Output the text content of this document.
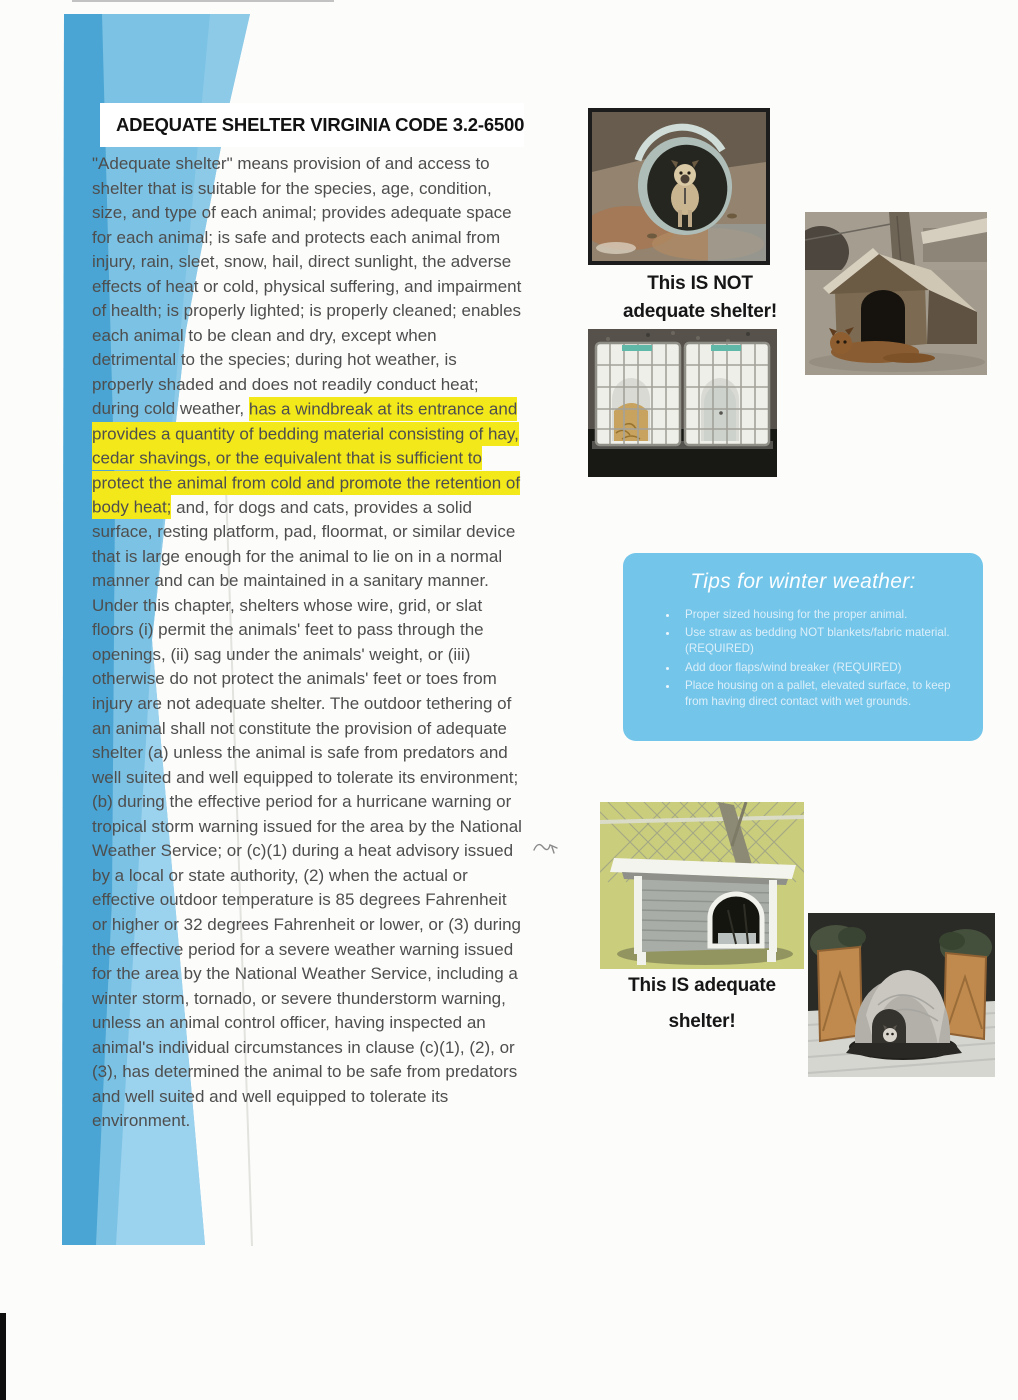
ADEQUATE SHELTER VIRGINIA CODE 3.2-6500
"Adequate shelter" means provision of and access to shelter that is suitable for the species, age, condition, size, and type of each animal; provides adequate space for each animal; is safe and protects each animal from injury, rain, sleet, snow, hail, direct sunlight, the adverse effects of heat or cold, physical suffering, and impairment of health; is properly lighted; is properly cleaned; enables each animal to be clean and dry, except when detrimental to the species; during hot weather, is properly shaded and does not readily conduct heat; during cold weather, has a windbreak at its entrance and provides a quantity of bedding material consisting of hay, cedar shavings, or the equivalent that is sufficient to protect the animal from cold and promote the retention of body heat; and, for dogs and cats, provides a solid surface, resting platform, pad, floormat, or similar device that is large enough for the animal to lie on in a normal manner and can be maintained in a sanitary manner. Under this chapter, shelters whose wire, grid, or slat floors (i) permit the animals' feet to pass through the openings, (ii) sag under the animals' weight, or (iii) otherwise do not protect the animals' feet or toes from injury are not adequate shelter. The outdoor tethering of an animal shall not constitute the provision of adequate shelter (a) unless the animal is safe from predators and well suited and well equipped to tolerate its environment; (b) during the effective period for a hurricane warning or tropical storm warning issued for the area by the National Weather Service; or (c)(1) during a heat advisory issued by a local or state authority, (2) when the actual or effective outdoor temperature is 85 degrees Fahrenheit or higher or 32 degrees Fahrenheit or lower, or (3) during the effective period for a severe weather warning issued for the area by the National Weather Service, including a winter storm, tornado, or severe thunderstorm warning, unless an animal control officer, having inspected an animal's individual circumstances in clause (c)(1), (2), or (3), has determined the animal to be safe from predators and well suited and well equipped to tolerate its environment.
This IS NOT
adequate shelter!

Tips for winter weather:

• Proper sized housing for the proper animal.
• Use straw as bedding NOT blankets/fabric material. (REQUIRED)
• Add door flaps/wind breaker (REQUIRED)
• Place housing on a pallet, elevated surface, to keep from having direct contact with wet grounds.
This IS adequate
shelter!
